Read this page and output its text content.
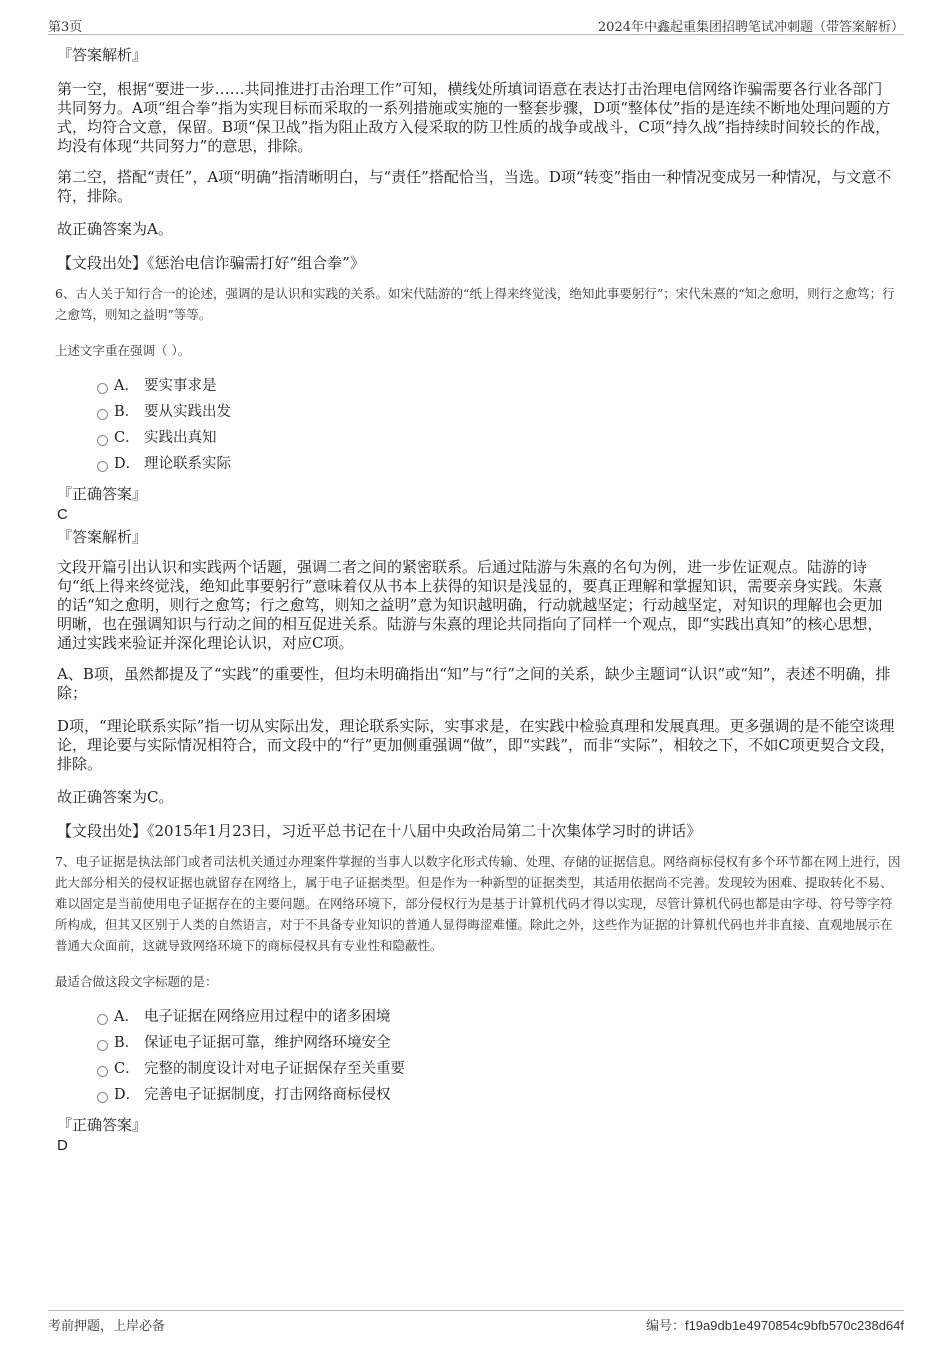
第3页	2024年中鑫起重集团招聘笔试冲刺题（带答案解析）

『答案解析』

第一空，根据“要进一步……共同推进打击治理工作”可知，横线处所填词语意在表达打击治理电信网络诈骗需要各行业各部门共同努力。A项“组合拳”指为实现目标而采取的一系列措施或实施的一整套步骤，D项“整体仗”指的是连续不断地处理问题的方式，均符合文意，保留。B项“保卫战”指为阻止敌方入侵采取的防卫性质的战争或战斗，C项“持久战”指持续时间较长的作战，均没有体现“共同努力”的意思，排除。

第二空，搭配“责任”，A项“明确”指清晰明白，与“责任”搭配恰当，当选。D项“转变”指由一种情况变成另一种情况，与文意不符，排除。

故正确答案为A。

【文段出处】《惩治电信诈骗需打好“组合拳”》

6、古人关于知行合一的论述，强调的是认识和实践的关系。如宋代陆游的“纸上得来终觉浅，绝知此事要躬行”；宋代朱熹的“知之愈明，则行之愈笃；行之愈笃，则知之益明”等等。

上述文字重在强调（ ）。

A． 要实事求是
B． 要从实践出发
C． 实践出真知
D． 理论联系实际

『正确答案』

C

『答案解析』

文段开篇引出认识和实践两个话题，强调二者之间的紧密联系。后通过陆游与朱熹的名句为例，进一步佐证观点。陆游的诗句“纸上得来终觉浅，绝知此事要躬行”意味着仅从书本上获得的知识是浅显的，要真正理解和掌握知识，需要亲身实践。朱熹的话“知之愈明，则行之愈笃；行之愈笃，则知之益明”意为知识越明确，行动就越坚定；行动越坚定，对知识的理解也会更加明晰，也在强调知识与行动之间的相互促进关系。陆游与朱熹的理论共同指向了同样一个观点，即“实践出真知”的核心思想，通过实践来验证并深化理论认识，对应C项。

A、B项，虽然都提及了“实践”的重要性，但均未明确指出“知”与“行”之间的关系，缺少主题词“认识”或“知”，表述不明确，排除；

D项，“理论联系实际”指一切从实际出发，理论联系实际，实事求是，在实践中检验真理和发展真理。更多强调的是不能空谈理论，理论要与实际情况相符合，而文段中的“行”更加侧重强调“做”，即“实践”，而非“实际”，相较之下，不如C项更契合文段，排除。

故正确答案为C。

【文段出处】《2015年1月23日，习近平总书记在十八届中央政治局第二十次集体学习时的讲话》

7、电子证据是执法部门或者司法机关通过办理案件掌握的当事人以数字化形式传输、处理、存储的证据信息。网络商标侵权有多个环节都在网上进行，因此大部分相关的侵权证据也就留存在网络上，属于电子证据类型。但是作为一种新型的证据类型，其适用依据尚不完善。发现较为困难、提取转化不易、难以固定是当前使用电子证据存在的主要问题。在网络环境下，部分侵权行为是基于计算机代码才得以实现，尽管计算机代码也都是由字母、符号等字符所构成，但其又区别于人类的自然语言，对于不具备专业知识的普通人显得晦涩难懂。除此之外，这些作为证据的计算机代码也并非直接、直观地展示在普通大众面前，这就导致网络环境下的商标侵权具有专业性和隐蔽性。

最适合做这段文字标题的是：

A． 电子证据在网络应用过程中的诸多困境
B． 保证电子证据可靠，维护网络环境安全
C． 完整的制度设计对电子证据保存至关重要
D． 完善电子证据制度，打击网络商标侵权

『正确答案』

D

考前押题，上岸必备	编号：f19a9db1e4970854c9bfb570c238d64f
